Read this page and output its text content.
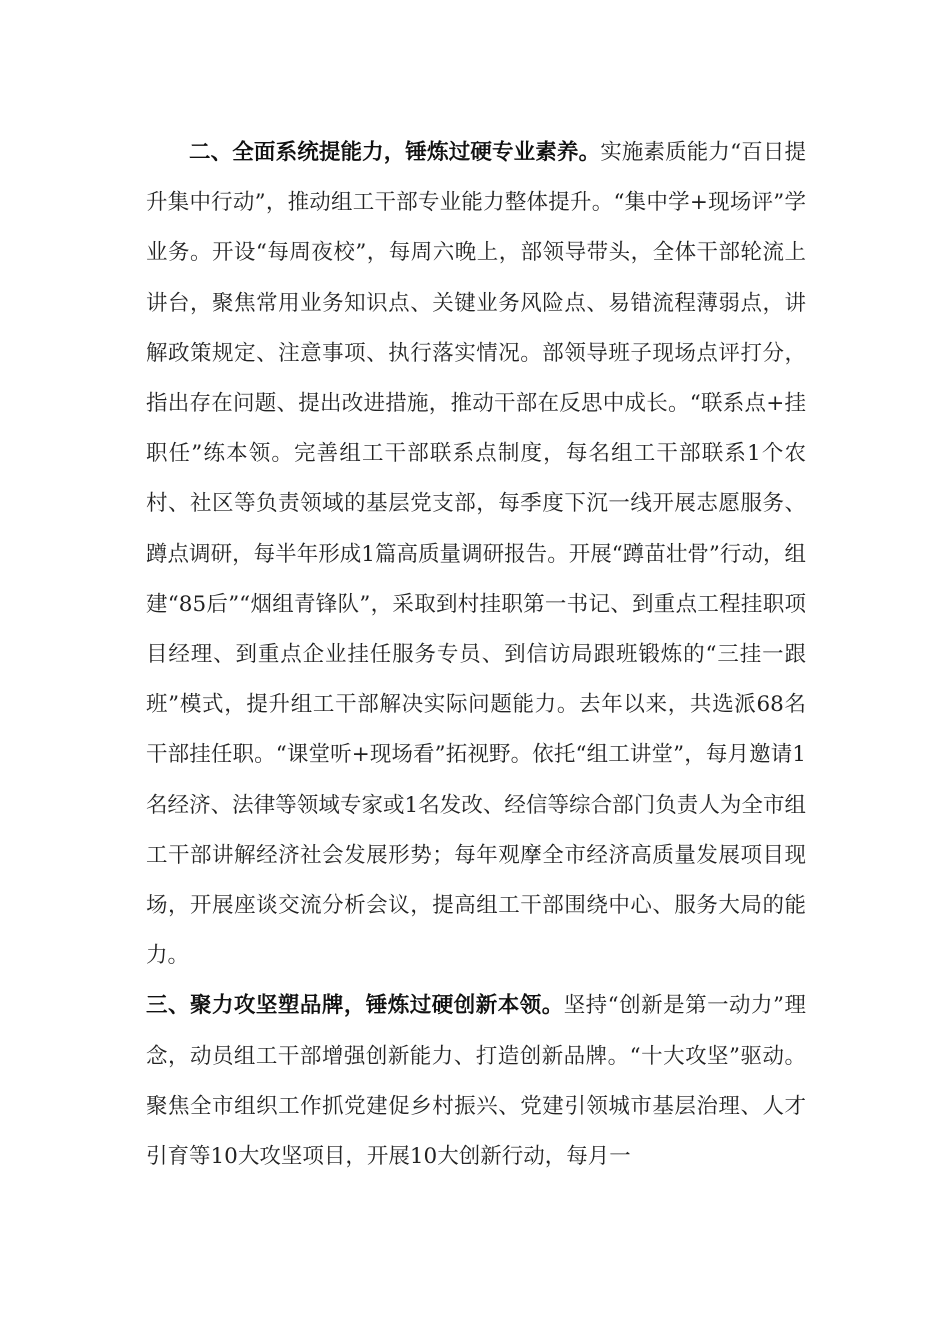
二、全面系统提能力，锤炼过硬专业素养。实施素质能力“百日提升集中行动”，推动组工干部专业能力整体提升。“集中学+现场评”学业务。开设“每周夜校”，每周六晚上，部领导带头，全体干部轮流上讲台，聚焦常用业务知识点、关键业务风险点、易错流程薄弱点，讲解政策规定、注意事项、执行落实情况。部领导班子现场点评打分，指出存在问题、提出改进措施，推动干部在反思中成长。“联系点+挂职任”练本领。完善组工干部联系点制度，每名组工干部联系1个农村、社区等负责领域的基层党支部，每季度下沉一线开展志愿服务、蹲点调研，每半年形成1篇高质量调研报告。开展“蹲苗壮骨”行动，组建“85后”“烟组青锋队”，采取到村挂职第一书记、到重点工程挂职项目经理、到重点企业挂任服务专员、到信访局跟班锻炼的“三挂一跟班”模式，提升组工干部解决实际问题能力。去年以来，共选派68名干部挂任职。“课堂听+现场看”拓视野。依托“组工讲堂”，每月邀请1名经济、法律等领域专家或1名发改、经信等综合部门负责人为全市组工干部讲解经济社会发展形势；每年观摩全市经济高质量发展项目现场，开展座谈交流分析会议，提高组工干部围绕中心、服务大局的能力。

三、聚力攻坚塑品牌，锤炼过硬创新本领。坚持“创新是第一动力”理念，动员组工干部增强创新能力、打造创新品牌。“十大攻坚”驱动。聚焦全市组织工作抓党建促乡村振兴、党建引领城市基层治理、人才引育等10大攻坚项目，开展10大创新行动，每月一
